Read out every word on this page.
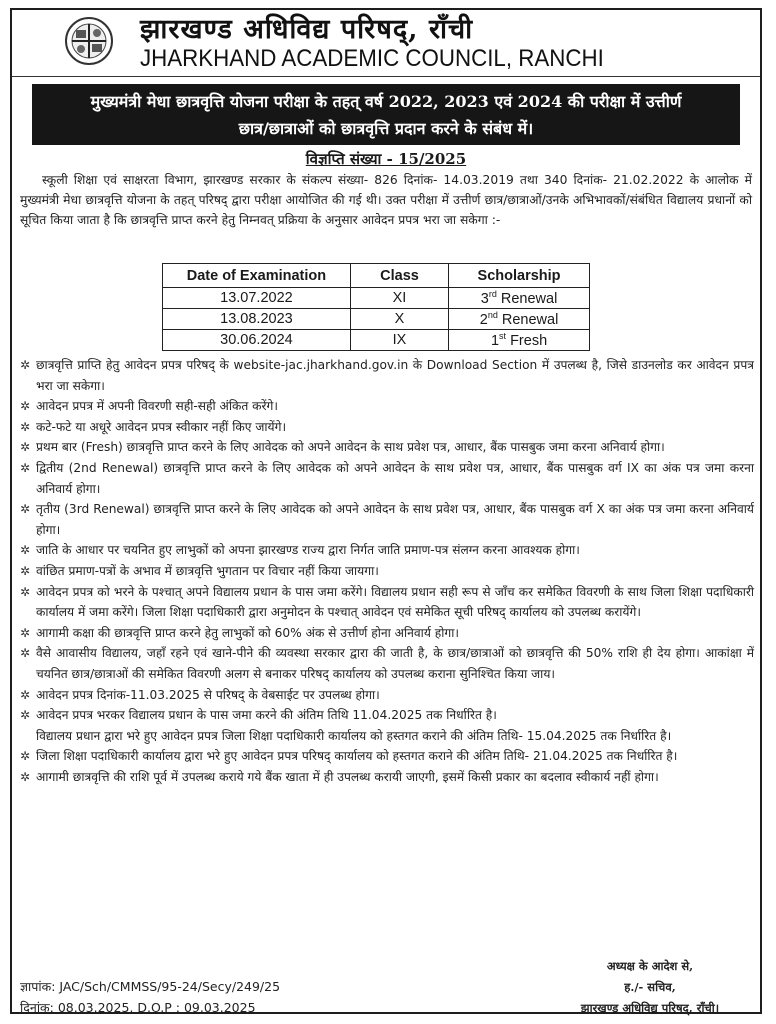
झारखण्ड अधिविद्य परिषद्, राँची
JHARKHAND ACADEMIC COUNCIL, RANCHI
मुख्यमंत्री मेधा छात्रवृत्ति योजना परीक्षा के तहत् वर्ष 2022, 2023 एवं 2024 की परीक्षा में उत्तीर्ण
छात्र/छात्राओं को छात्रवृत्ति प्रदान करने के संबंध में।
विज्ञप्ति संख्या - 15/2025
स्कूली शिक्षा एवं साक्षरता विभाग, झारखण्ड सरकार के संकल्प संख्या- 826 दिनांक- 14.03.2019 तथा 340 दिनांक- 21.02.2022 के आलोक में मुख्यमंत्री मेधा छात्रवृत्ति योजना के तहत् परिषद् द्वारा परीक्षा आयोजित की गई थी। उक्त परीक्षा में उत्तीर्ण छात्र/छात्राओं/उनके अभिभावकों/संबंधित विद्यालय प्रधानों को सूचित किया जाता है कि छात्रवृत्ति प्राप्त करने हेतु निम्नवत् प्रक्रिया के अनुसार आवेदन प्रपत्र भरा जा सकेगा :-
Date of Examination	Class	Scholarship
13.07.2022	XI	3rd Renewal
13.08.2023	X	2nd Renewal
30.06.2024	IX	1st Fresh
✲ छात्रवृत्ति प्राप्ति हेतु आवेदन प्रपत्र परिषद् के website-jac.jharkhand.gov.in के Download Section में उपलब्ध है, जिसे डाउनलोड कर आवेदन प्रपत्र भरा जा सकेगा।
✲ आवेदन प्रपत्र में अपनी विवरणी सही-सही अंकित करेंगे।
✲ कटे-फटे या अधूरे आवेदन प्रपत्र स्वीकार नहीं किए जायेंगे।
✲ प्रथम बार (Fresh) छात्रवृत्ति प्राप्त करने के लिए आवेदक को अपने आवेदन के साथ प्रवेश पत्र, आधार, बैंक पासबुक जमा करना अनिवार्य होगा।
✲ द्वितीय (2nd Renewal) छात्रवृत्ति प्राप्त करने के लिए आवेदक को अपने आवेदन के साथ प्रवेश पत्र, आधार, बैंक पासबुक वर्ग IX का अंक पत्र जमा करना अनिवार्य होगा।
✲ तृतीय (3rd Renewal) छात्रवृत्ति प्राप्त करने के लिए आवेदक को अपने आवेदन के साथ प्रवेश पत्र, आधार, बैंक पासबुक वर्ग X का अंक पत्र जमा करना अनिवार्य होगा।
✲ जाति के आधार पर चयनित हुए लाभुकों को अपना झारखण्ड राज्य द्वारा निर्गत जाति प्रमाण-पत्र संलग्न करना आवश्यक होगा।
✲ वांछित प्रमाण-पत्रों के अभाव में छात्रवृत्ति भुगतान पर विचार नहीं किया जायगा।
✲ आवेदन प्रपत्र को भरने के पश्चात् अपने विद्यालय प्रधान के पास जमा करेंगे। विद्यालय प्रधान सही रूप से जाँच कर समेकित विवरणी के साथ जिला शिक्षा पदाधिकारी कार्यालय में जमा करेंगे। जिला शिक्षा पदाधिकारी द्वारा अनुमोदन के पश्चात् आवेदन एवं समेकित सूची परिषद् कार्यालय को उपलब्ध करायेंगे।
✲ आगामी कक्षा की छात्रवृत्ति प्राप्त करने हेतु लाभुकों को 60% अंक से उत्तीर्ण होना अनिवार्य होगा।
✲ वैसे आवासीय विद्यालय, जहाँ रहने एवं खाने-पीने की व्यवस्था सरकार द्वारा की जाती है, के छात्र/छात्राओं को छात्रवृत्ति की 50% राशि ही देय होगा। आकांक्षा में चयनित छात्र/छात्राओं की समेकित विवरणी अलग से बनाकर परिषद् कार्यालय को उपलब्ध कराना सुनिश्चित किया जाय।
✲ आवेदन प्रपत्र दिनांक-11.03.2025 से परिषद् के वेबसाईट पर उपलब्ध होगा।
✲ आवेदन प्रपत्र भरकर विद्यालय प्रधान के पास जमा करने की अंतिम तिथि 11.04.2025 तक निर्धारित है।
विद्यालय प्रधान द्वारा भरे हुए आवेदन प्रपत्र जिला शिक्षा पदाधिकारी कार्यालय को हस्तगत कराने की अंतिम तिथि- 15.04.2025 तक निर्धारित है।
✲ जिला शिक्षा पदाधिकारी कार्यालय द्वारा भरे हुए आवेदन प्रपत्र परिषद् कार्यालय को हस्तगत कराने की अंतिम तिथि- 21.04.2025 तक निर्धारित है।
✲ आगामी छात्रवृत्ति की राशि पूर्व में उपलब्ध कराये गये बैंक खाता में ही उपलब्ध करायी जाएगी, इसमें किसी प्रकार का बदलाव स्वीकार्य नहीं होगा।
ज्ञापांक: JAC/Sch/CMMSS/95-24/Secy/249/25
दिनांक: 08.03.2025, D.O.P : 09.03.2025
अध्यक्ष के आदेश से,
ह./- सचिव,
झारखण्ड अधिविद्य परिषद्, राँची।
